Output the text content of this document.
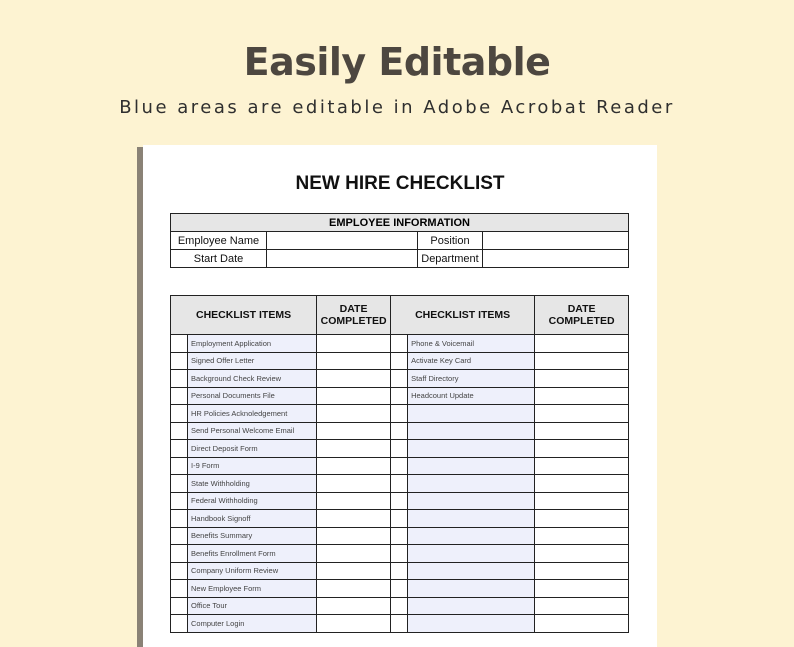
Easily Editable
Blue areas are editable in Adobe Acrobat Reader
NEW HIRE CHECKLIST
EMPLOYEE INFORMATION			
Employee Name		Position	
Start Date		Department	
CHECKLIST ITEMS		DATE COMPLETED	CHECKLIST ITEMS		DATE COMPLETED
	Employment Application			Phone & Voicemail	
	Signed Offer Letter			Activate Key Card	
	Background Check Review			Staff Directory	
	Personal Documents File			Headcount Update	
	HR Policies Acknoledgement				
	Send Personal Welcome Email				
	Direct Deposit Form				
	I-9 Form				
	State Withholding				
	Federal Withholding				
	Handbook Signoff				
	Benefits Summary				
	Benefits Enrollment Form				
	Company Uniform Review				
	New Employee Form				
	Office Tour				
	Computer Login				
